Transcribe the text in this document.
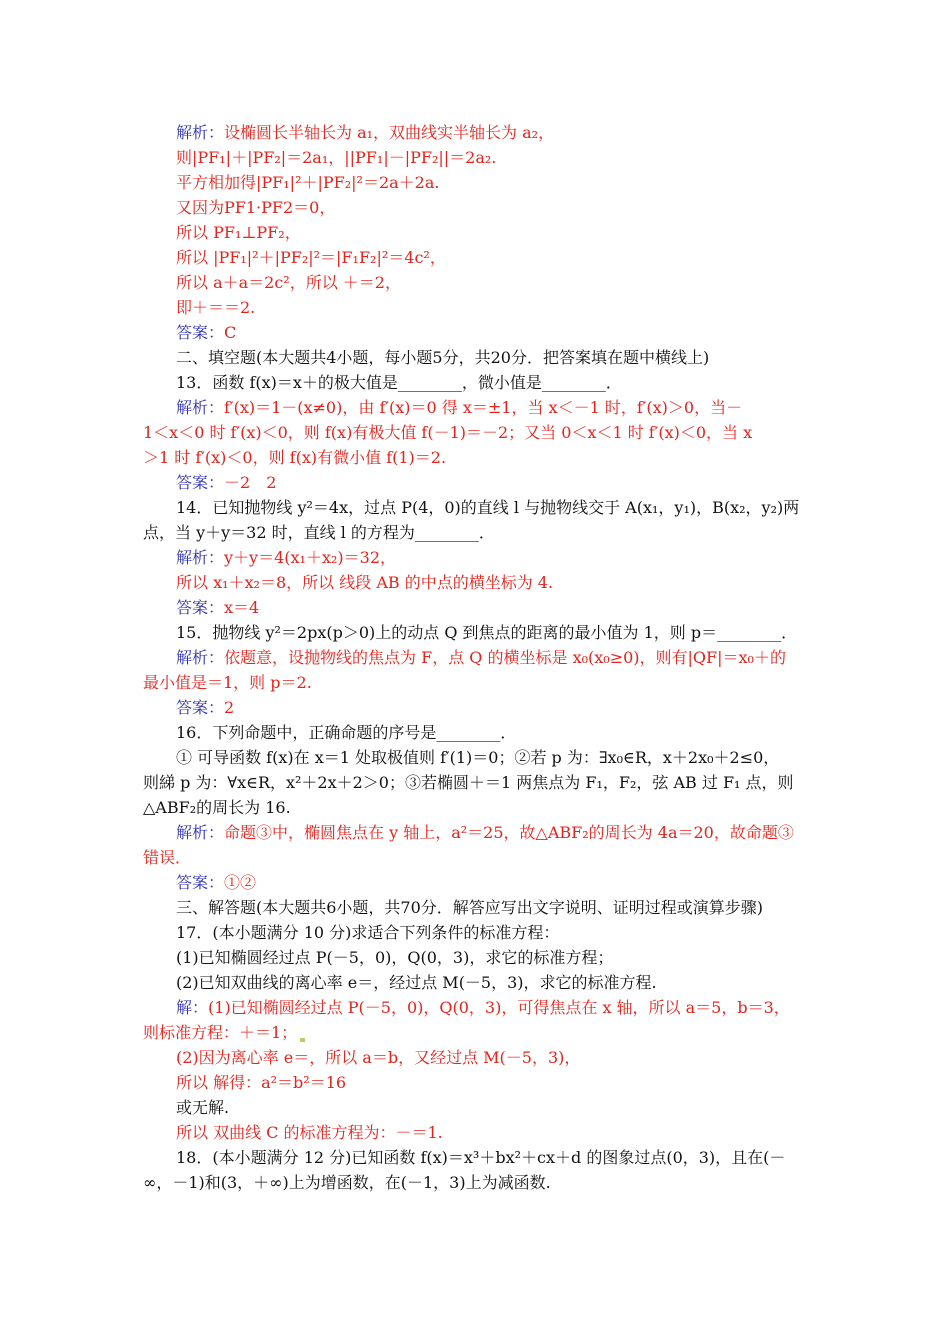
解析：设椭圆长半轴长为 a₁，双曲线实半轴长为 a₂，
则|PF₁|＋|PF₂|＝2a₁，||PF₁|－|PF₂||＝2a₂.
平方相加得|PF₁|²＋|PF₂|²＝2a＋2a.
又因为PF1·PF2＝0，
所以 PF₁⊥PF₂，
所以 |PF₁|²＋|PF₂|²＝|F₁F₂|²＝4c²，
所以 a＋a＝2c²，所以 ＋＝2，
即＋＝＝2.
答案：C
二、填空题(本大题共4小题，每小题5分，共20分．把答案填在题中横线上)
13．函数 f(x)＝x＋的极大值是________，微小值是________．
解析：f′(x)＝1－(x≠0)，由 f′(x)＝0 得 x＝±1，当 x＜－1 时，f′(x)＞0，当－
1＜x＜0 时 f′(x)＜0，则 f(x)有极大值 f(－1)＝－2；又当 0＜x＜1 时 f′(x)＜0，当 x
＞1 时 f′(x)＜0，则 f(x)有微小值 f(1)＝2.
答案：－2　2
14．已知抛物线 y²＝4x，过点 P(4，0)的直线 l 与抛物线交于 A(x₁，y₁)，B(x₂，y₂)两
点，当 y＋y＝32 时，直线 l 的方程为________．
解析：y＋y＝4(x₁＋x₂)＝32，
所以 x₁＋x₂＝8，所以 线段 AB 的中点的横坐标为 4.
答案：x＝4
15．抛物线 y²＝2px(p＞0)上的动点 Q 到焦点的距离的最小值为 1，则 p＝________．
解析：依题意，设抛物线的焦点为 F，点 Q 的横坐标是 x₀(x₀≥0)，则有|QF|＝x₀＋的
最小值是＝1，则 p＝2.
答案：2
16．下列命题中，正确命题的序号是________．
① 可导函数 f(x)在 x＝1 处取极值则 f′(1)＝0；②若 p 为：∃x₀∈R，x＋2x₀＋2≤0，
则綈 p 为：∀x∈R，x²＋2x＋2＞0；③若椭圆＋＝1 两焦点为 F₁，F₂，弦 AB 过 F₁ 点，则
△ABF₂的周长为 16.
解析：命题③中，椭圆焦点在 y 轴上，a²＝25，故△ABF₂的周长为 4a＝20，故命题③
错误．
答案：①②
三、解答题(本大题共6小题，共70分．解答应写出文字说明、证明过程或演算步骤)
17．(本小题满分 10 分)求适合下列条件的标准方程：
(1)已知椭圆经过点 P(－5，0)，Q(0，3)，求它的标准方程；
(2)已知双曲线的离心率 e＝，经过点 M(－5，3)，求它的标准方程.
解：(1)已知椭圆经过点 P(－5，0)，Q(0，3)，可得焦点在 x 轴，所以 a＝5，b＝3，
则标准方程：＋＝1；
(2)因为离心率 e＝，所以 a＝b，又经过点 M(－5，3)，
所以 解得：a²＝b²＝16
或无解.
所以 双曲线 C 的标准方程为：－＝1.
18．(本小题满分 12 分)已知函数 f(x)＝x³＋bx²＋cx＋d 的图象过点(0，3)，且在(－
∞，－1)和(3，＋∞)上为增函数，在(－1，3)上为减函数.
